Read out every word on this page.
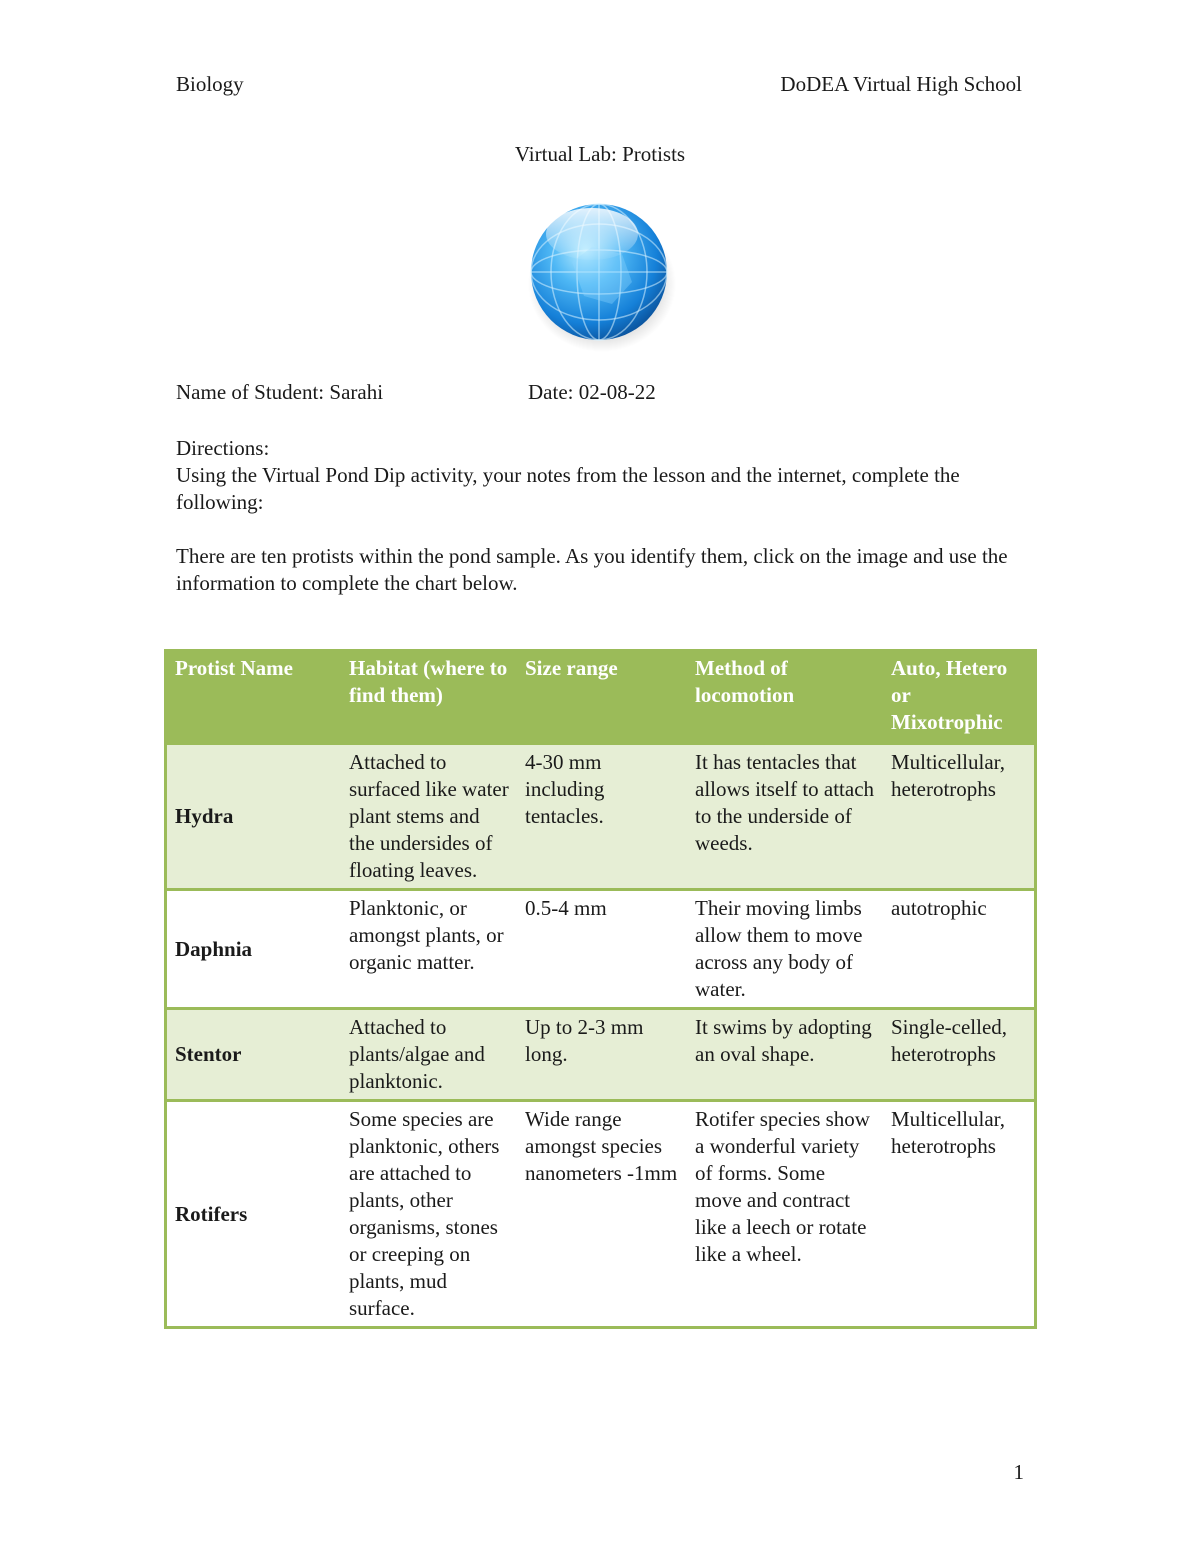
Biology	DoDEA Virtual High School
Virtual Lab: Protists
Name of Student: Sarahi	Date: 02-08-22

Directions:

Using the Virtual Pond Dip activity, your notes from the lesson and the internet, complete the following:

There are ten protists within the pond sample. As you identify them, click on the image and use the information to complete the chart below.

Protist Name	Habitat (where to find them)	Size range	Method of locomotion	Auto, Hetero or Mixotrophic
Hydra	Attached to surfaced like water plant stems and the undersides of floating leaves.	4-30 mm including tentacles.	It has tentacles that allows itself to attach to the underside of weeds.	Multicellular, heterotrophs
Daphnia	Planktonic, or amongst plants, or organic matter.	0.5-4 mm	Their moving limbs allow them to move across any body of water.	autotrophic
Stentor	Attached to plants/algae and planktonic.	Up to 2-3 mm long.	It swims by adopting an oval shape.	Single-celled, heterotrophs
Rotifers	Some species are planktonic, others are attached to plants, other organisms, stones or creeping on plants, mud surface.	Wide range amongst species nanometers -1mm	Rotifer species show a wonderful variety of forms. Some move and contract like a leech or rotate like a wheel.	Multicellular, heterotrophs
1
